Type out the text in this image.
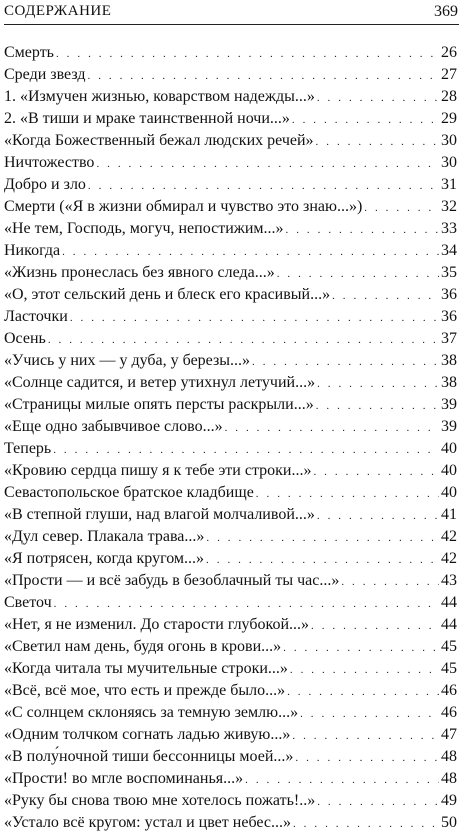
СОДЕРЖАНИЕ	369
Смерть . . .	26
Среди звезд . . .	27
1. «Измучен жизнью, коварством надежды...» . . .	28
2. «В тиши и мраке таинственной ночи...» . . .	29
«Когда Божественный бежал людских речей» . . .	30
Ничтожество . . .	30
Добро и зло . . .	31
Смерти («Я в жизни обмирал и чувство это знаю...») . . .	32
«Не тем, Господь, могуч, непостижим...» . . .	33
Никогда . . .	34
«Жизнь пронеслась без явного следа...» . . .	35
«О, этот сельский день и блеск его красивый...» . . .	36
Ласточки . . .	36
Осень . . .	37
«Учись у них — у дуба, у березы...» . . .	38
«Солнце садится, и ветер утихнул летучий...» . . .	38
«Страницы милые опять персты раскрыли...» . . .	39
«Еще одно забывчивое слово...» . . .	39
Теперь . . .	40
«Кровию сердца пишу я к тебе эти строки...» . . .	40
Севастопольское братское кладбище . . .	40
«В степной глуши, над влагой молчаливой...» . . .	41
«Дул север. Плакала трава...» . . .	42
«Я потрясен, когда кругом...» . . .	42
«Прости — и всё забудь в безоблачный ты час...» . . .	43
Светоч . . .	44
«Нет, я не изменил. До старости глубокой...» . . .	44
«Светил нам день, будя огонь в крови...» . . .	45
«Когда читала ты мучительные строки...» . . .	45
«Всё, всё мое, что есть и прежде было...» . . .	46
«С солнцем склоняясь за темную землю...» . . .	46
«Одним толчком согнать ладью живую...» . . .	47
«В полу́ночной тиши бессонницы моей...» . . .	48
«Прости! во мгле воспоминанья...» . . .	48
«Руку бы снова твою мне хотелось пожать!..» . . .	49
«Устало всё кругом: устал и цвет небес...» . . .	50
